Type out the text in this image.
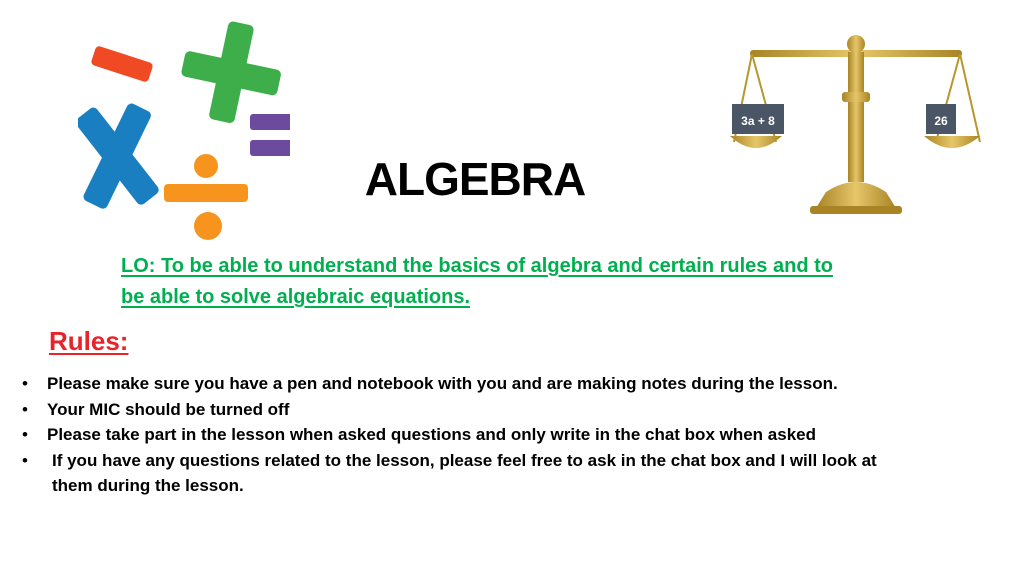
3a + 8	26
ALGEBRA
LO: To be able to understand the basics of algebra and certain rules and to
be able to solve algebraic equations.
Rules:
• Please make sure you have a pen and notebook with you and are making notes during the lesson.
• Your MIC should be turned off
• Please take part in the lesson when asked questions and only write in the chat box when asked
• If you have any questions related to the lesson, please feel free to ask in the chat box and I will look at them during the lesson.
